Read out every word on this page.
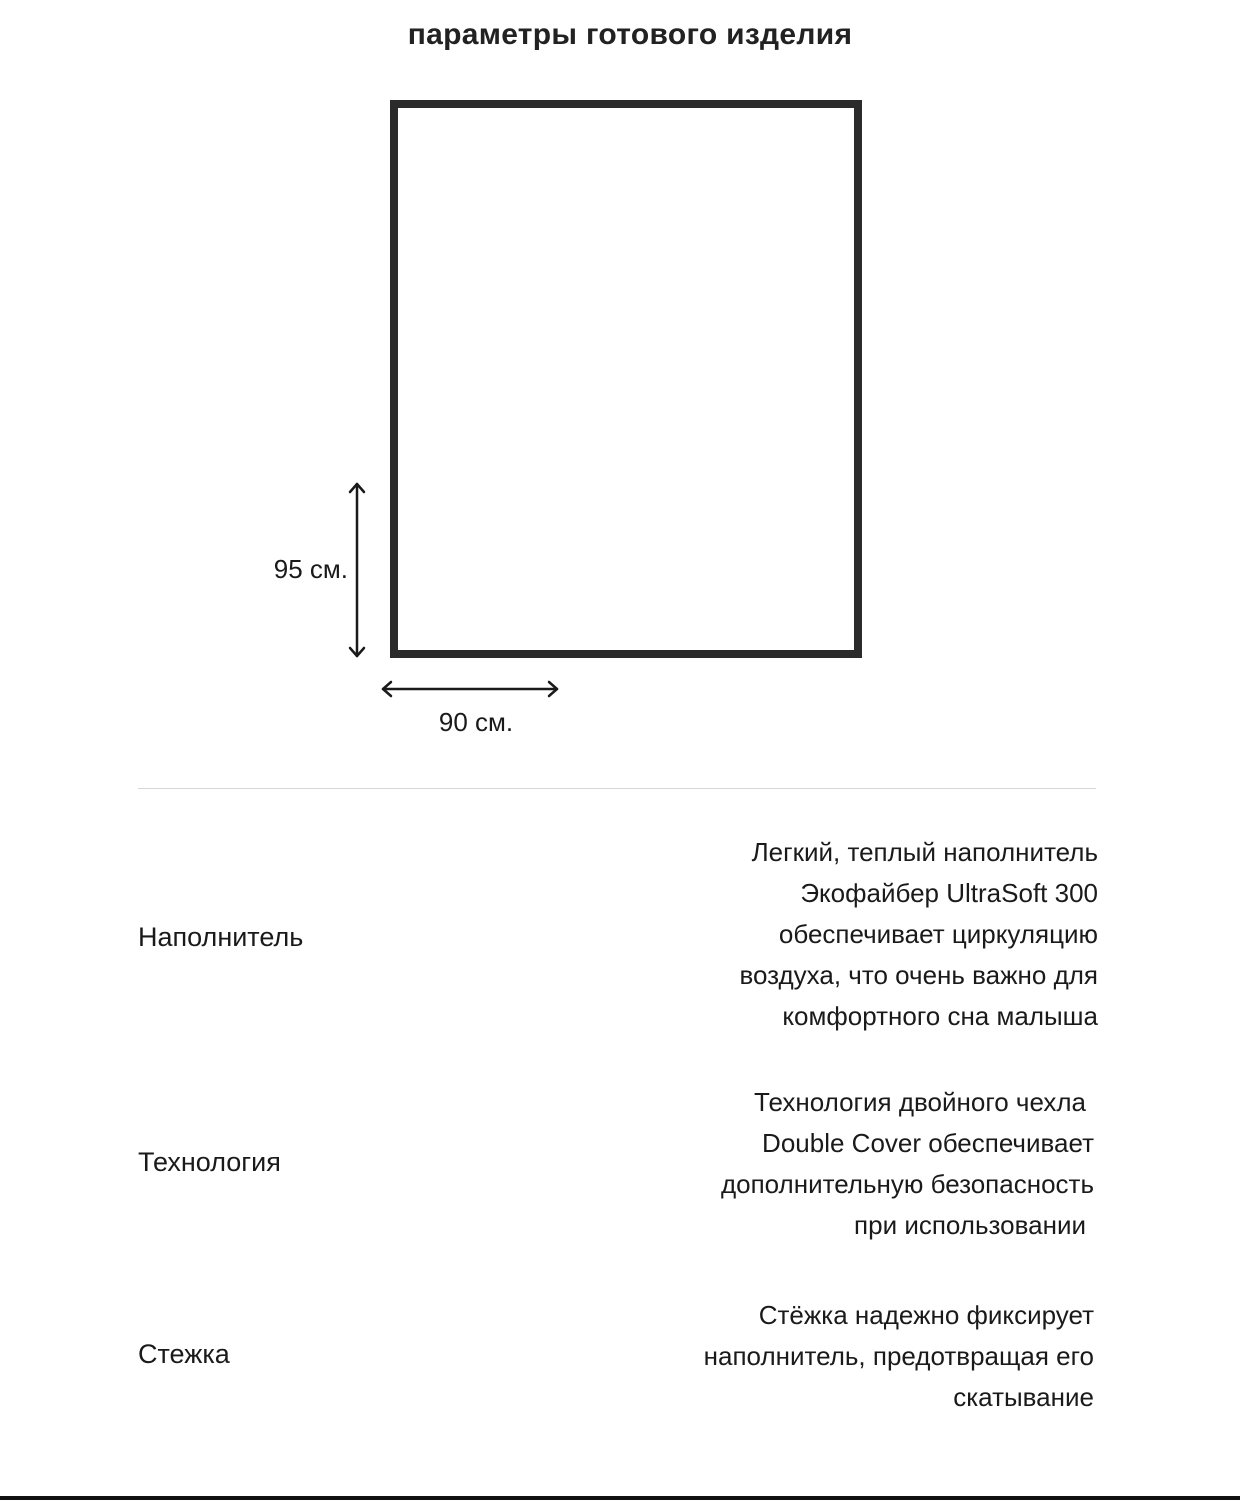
параметры готового изделия
95 см.
90 см.
Наполнитель
Легкий, теплый наполнитель
Экофайбер UltraSoft 300
обеспечивает циркуляцию
воздуха, что очень важно для
комфортного сна малыша
Технология
Технология двойного чехла
Double Cover обеспечивает
дополнительную безопасность
при использовании
Стежка
Стёжка надежно фиксирует
наполнитель, предотвращая его
скатывание
